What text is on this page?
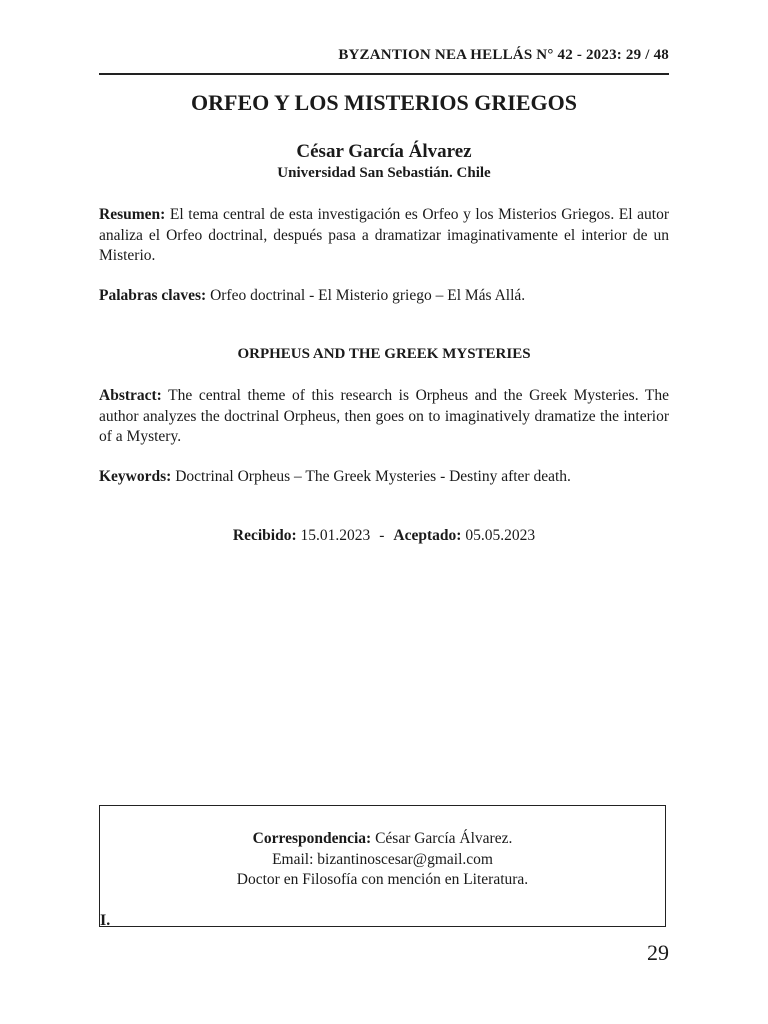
BYZANTION NEA HELLÁS N° 42 - 2023: 29 / 48
ORFEO Y LOS MISTERIOS GRIEGOS
César García Álvarez
Universidad San Sebastián. Chile

Resumen: El tema central de esta investigación es Orfeo y los Misterios Griegos. El autor analiza el Orfeo doctrinal, después pasa a dramatizar imaginativamente el interior de un Misterio.

Palabras claves: Orfeo doctrinal - El Misterio griego – El Más Allá.

ORPHEUS AND THE GREEK MYSTERIES

Abstract: The central theme of this research is Orpheus and the Greek Mysteries. The author analyzes the doctrinal Orpheus, then goes on to imaginatively dramatize the interior of a Mystery.

Keywords: Doctrinal Orpheus – The Greek Mysteries - Destiny after death.

Recibido: 15.01.2023 - Aceptado: 05.05.2023
Correspondencia: César García Álvarez.
Email: bizantinoscesar@gmail.com
Doctor en Filosofía con mención en Literatura.
I.
29
